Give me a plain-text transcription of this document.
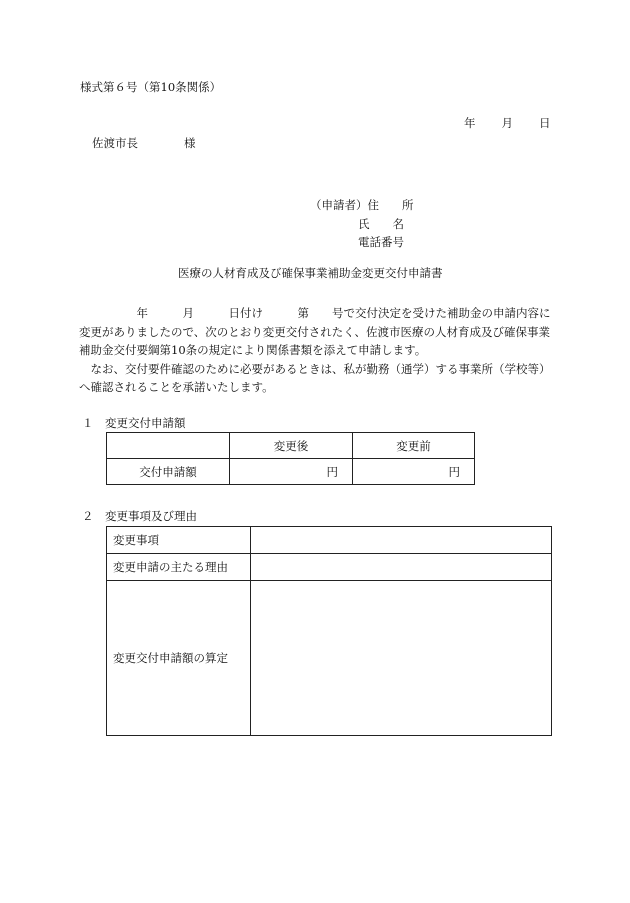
様式第６号（第10条関係）
年 月 日
佐渡市長　　　　様
（申請者）住　　所
氏　　名
電話番号
医療の人材育成及び確保事業補助金変更交付申請書

　　　　　年　　　月　　　日付け　　　第　　号で交付決定を受けた補助金の申請内容に変更がありましたので、次のとおり変更交付されたく、佐渡市医療の人材育成及び確保事業補助金交付要綱第10条の規定により関係書類を添えて申請します。

　なお、交付要件確認のために必要があるときは、私が勤務（通学）する事業所（学校等）へ確認されることを承諾いたします。

１　変更交付申請額
	変更後	変更前
交付申請額	円	円
２　変更事項及び理由
変更事項	
変更申請の主たる理由	
変更交付申請額の算定	
